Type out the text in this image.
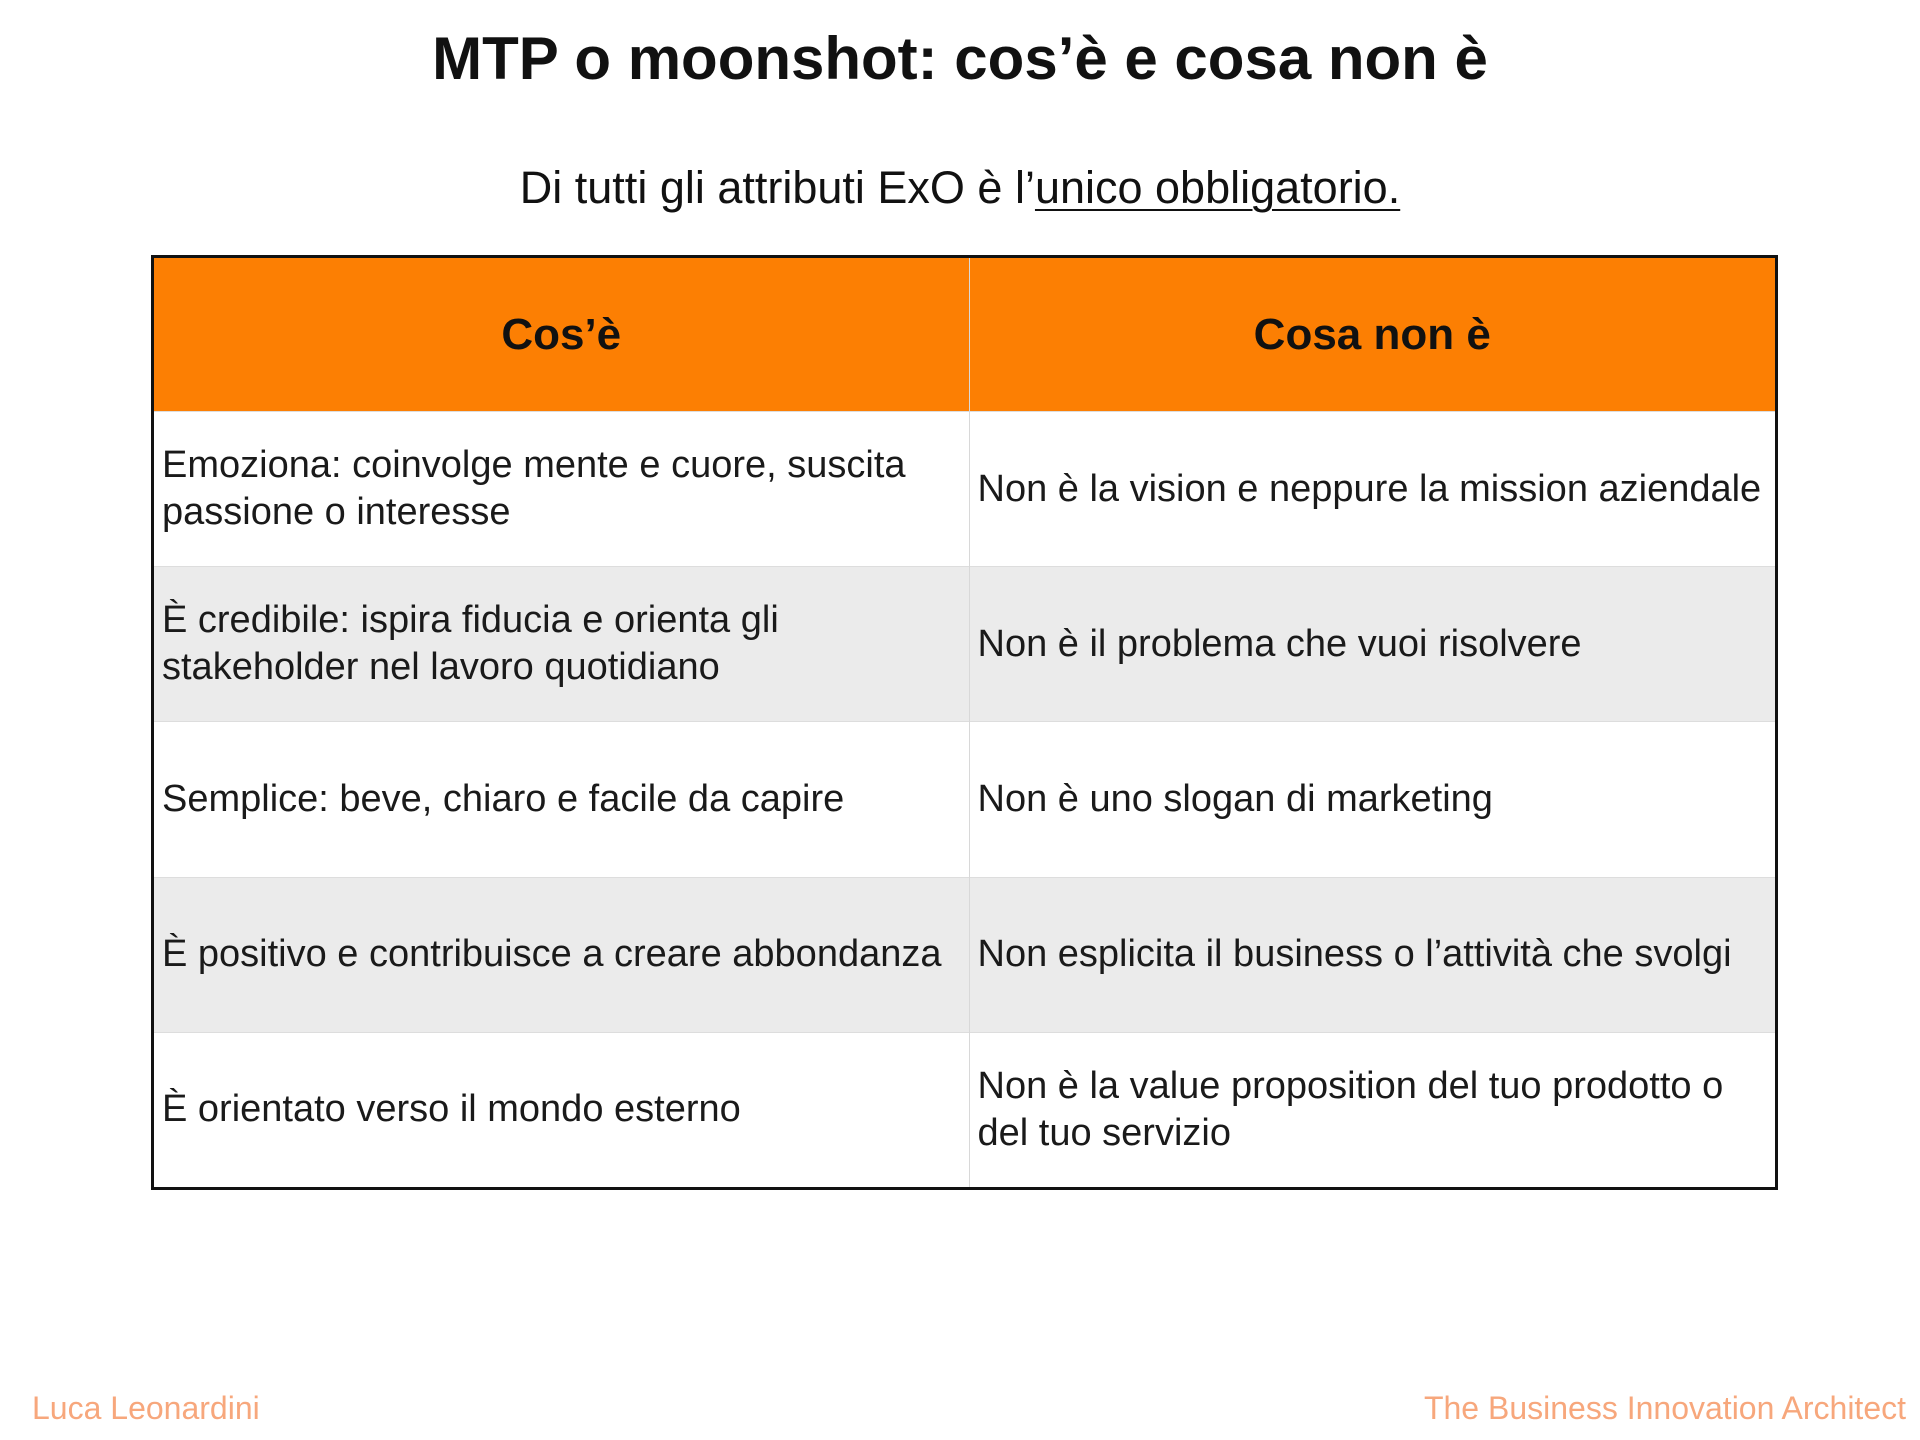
MTP o moonshot: cos’è e cosa non è

Di tutti gli attributi ExO è l’unico obbligatorio.

Cos’è	Cosa non è
Emoziona: coinvolge mente e cuore, suscita passione o interesse	Non è la vision e neppure la mission aziendale
È credibile: ispira fiducia e orienta gli stakeholder nel lavoro quotidiano	Non è il problema che vuoi risolvere
Semplice: beve, chiaro e facile da capire	Non è uno slogan di marketing
È positivo e contribuisce a creare abbondanza	Non esplicita il business o l’attività che svolgi
È orientato verso il mondo esterno	Non è la value proposition del tuo prodotto o del tuo servizio
Luca Leonardini	The Business Innovation Architect
